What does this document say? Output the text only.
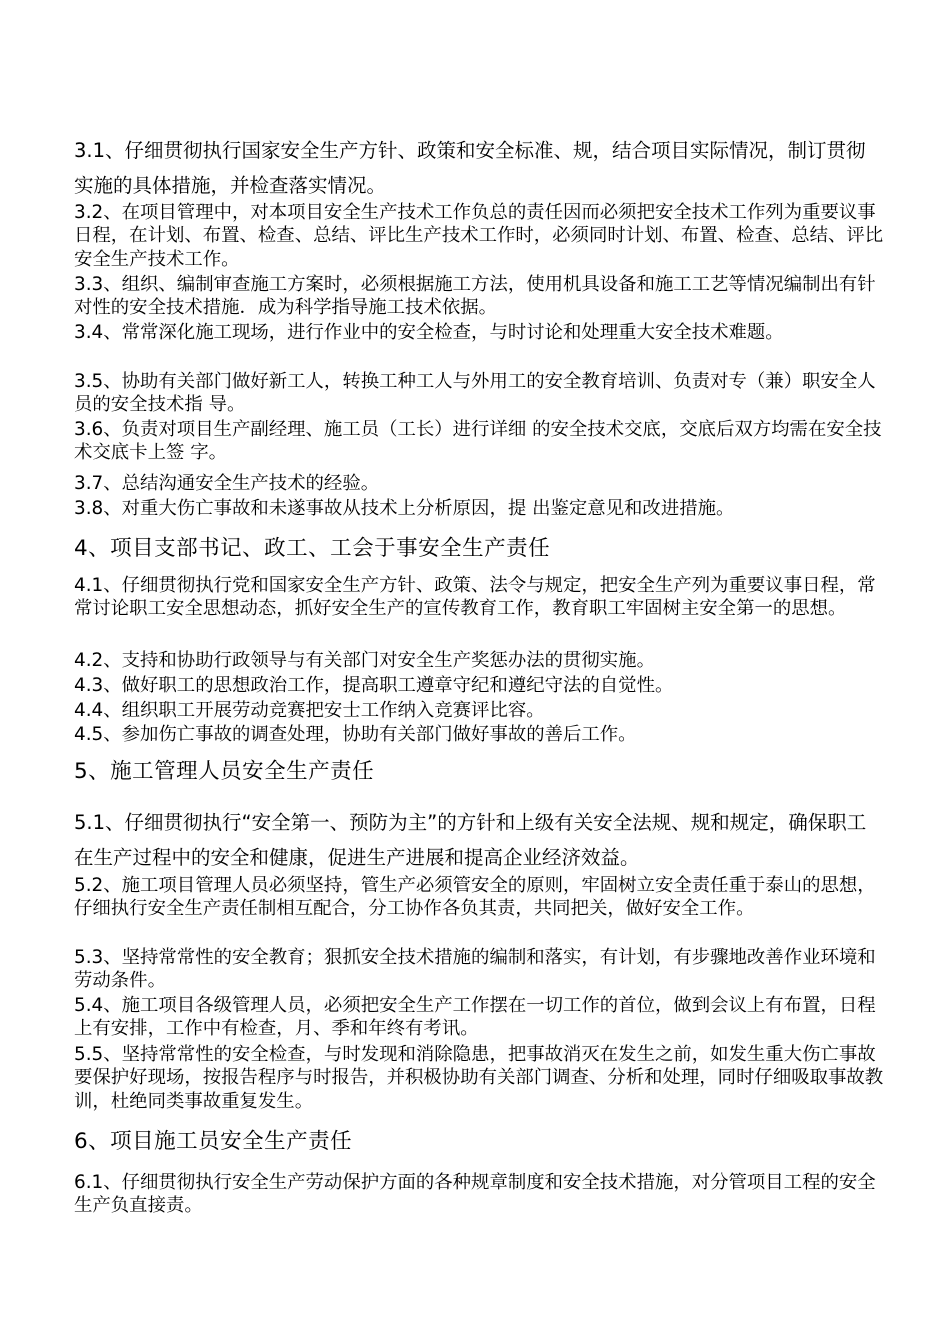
3.1、仔细贯彻执行国家安全生产方针、政策和安全标准、规，结合项目实际情况，制订贯彻实施的具体措施，并检查落实情况。

3.2、在项目管理中，对本项目安全生产技术工作负总的责任因而必须把安全技术工作列为重要议事日程，在计划、布置、检查、总结、评比生产技术工作时，必须同时计划、布置、检查、总结、评比安全生产技术工作。

3.3、组织、编制审查施工方案时，必须根据施工方法，使用机具设备和施工工艺等情况编制出有针对性的安全技术措施．成为科学指导施工技术依据。

3.4、常常深化施工现场，进行作业中的安全检查，与时讨论和处理重大安全技术难题。

3.5、协助有关部门做好新工人，转换工种工人与外用工的安全教育培训、负责对专（兼）职安全人员的安全技术指 导。

3.6、负责对项目生产副经理、施工员（工长）进行详细 的安全技术交底，交底后双方均需在安全技术交底卡上签 字。

3.7、总结沟通安全生产技术的经验。

3.8、对重大伤亡事故和未遂事故从技术上分析原因，提 出鉴定意见和改进措施。

4、项目支部书记、政工、工会于事安全生产责任

4.1、仔细贯彻执行党和国家安全生产方针、政策、法令与规定，把安全生产列为重要议事日程，常常讨论职工安全思想动态，抓好安全生产的宣传教育工作，教育职工牢固树主安全第一的思想。

4.2、支持和协助行政领导与有关部门对安全生产奖惩办法的贯彻实施。

4.3、做好职工的思想政治工作，提高职工遵章守纪和遵纪守法的自觉性。

4.4、组织职工开展劳动竞赛把安士工作纳入竞赛评比容。

4.5、参加伤亡事故的调查处理，协助有关部门做好事故的善后工作。

5、施工管理人员安全生产责任

5.1、仔细贯彻执行“安全第一、预防为主”的方针和上级有关安全法规、规和规定，确保职工在生产过程中的安全和健康，促进生产进展和提高企业经济效益。

5.2、施工项目管理人员必须坚持，管生产必须管安全的原则，牢固树立安全责任重于泰山的思想，仔细执行安全生产责任制相互配合，分工协作各负其责，共同把关，做好安全工作。

5.3、坚持常常性的安全教育；狠抓安全技术措施的编制和落实，有计划，有步骤地改善作业环境和劳动条件。

5.4、施工项目各级管理人员，必须把安全生产工作摆在一切工作的首位，做到会议上有布置，日程上有安排，工作中有检查，月、季和年终有考讯。

5.5、坚持常常性的安全检查，与时发现和消除隐患，把事故消灭在发生之前，如发生重大伤亡事故要保护好现场，按报告程序与时报告，并积极协助有关部门调查、分析和处理，同时仔细吸取事故教训，杜绝同类事故重复发生。

6、项目施工员安全生产责任

6.1、仔细贯彻执行安全生产劳动保护方面的各种规章制度和安全技术措施，对分管项目工程的安全生产负直接责。
